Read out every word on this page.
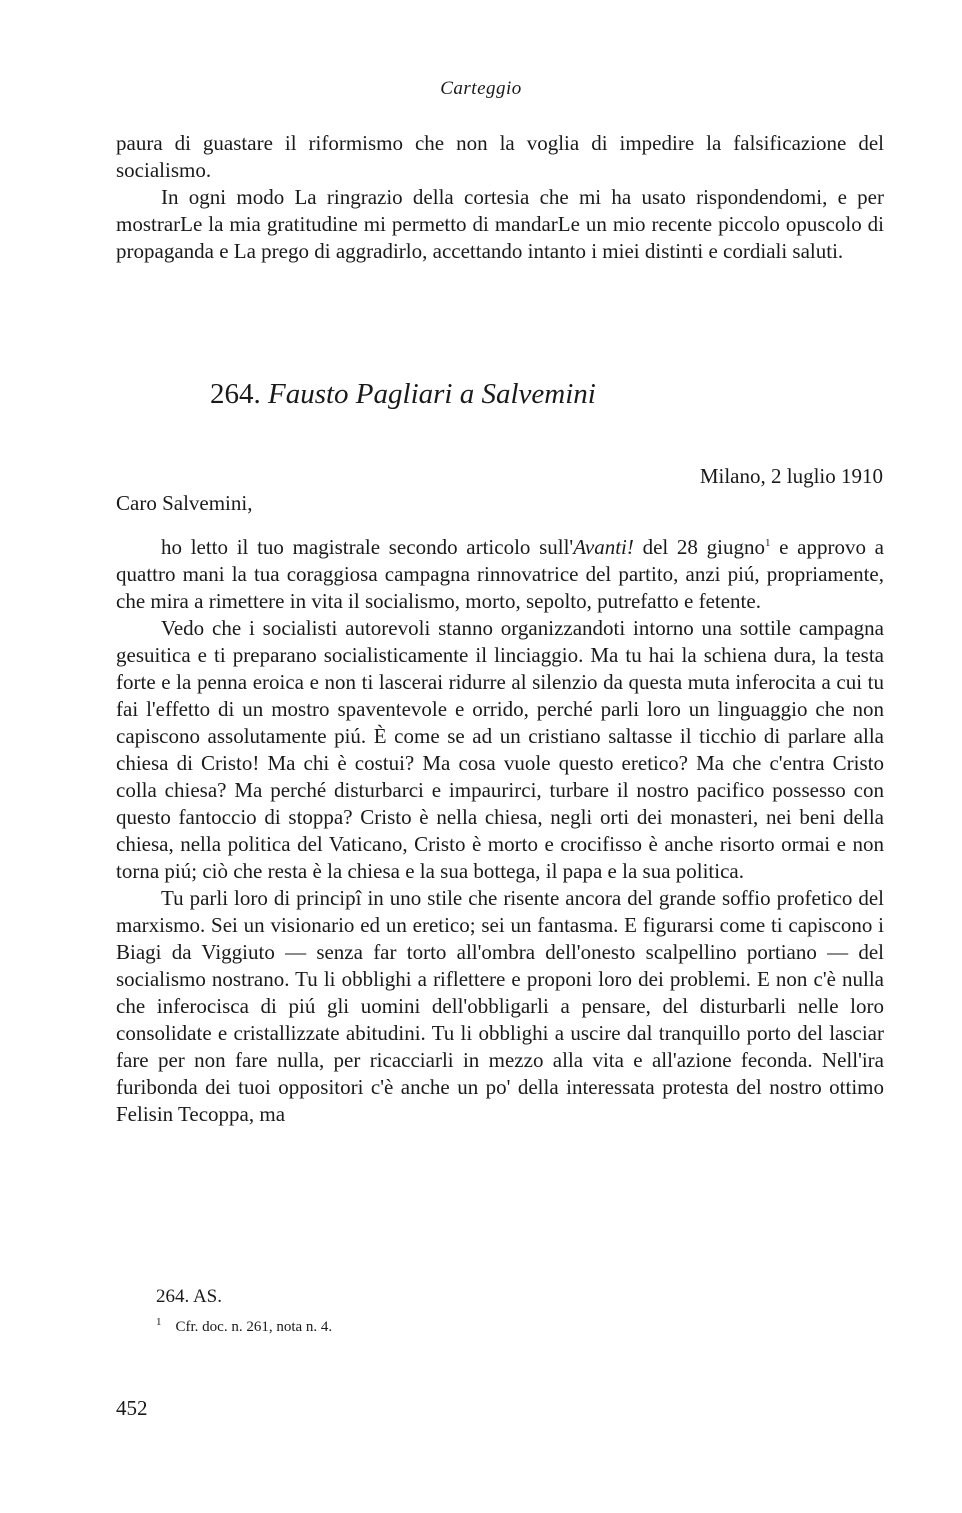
Carteggio

paura di guastare il riformismo che non la voglia di impedire la falsificazione del socialismo.

In ogni modo La ringrazio della cortesia che mi ha usato rispondendomi, e per mostrarLe la mia gratitudine mi permetto di mandarLe un mio recente piccolo opuscolo di propaganda e La prego di aggradirlo, accettando intanto i miei distinti e cordiali saluti.

264. Fausto Pagliari a Salvemini
Milano, 2 luglio 1910
Caro Salvemini,

ho letto il tuo magistrale secondo articolo sull'Avanti! del 28 giugno$^1$ e approvo a quattro mani la tua coraggiosa campagna rinnovatrice del partito, anzi piú, propriamente, che mira a rimettere in vita il socialismo, morto, sepolto, putrefatto e fetente.

Vedo che i socialisti autorevoli stanno organizzandoti intorno una sottile campagna gesuitica e ti preparano socialisticamente il linciaggio. Ma tu hai la schiena dura, la testa forte e la penna eroica e non ti lascerai ridurre al silenzio da questa muta inferocita a cui tu fai l'effetto di un mostro spaventevole e orrido, perché parli loro un linguaggio che non capiscono assolutamente piú. È come se ad un cristiano saltasse il ticchio di parlare alla chiesa di Cristo! Ma chi è costui? Ma cosa vuole questo eretico? Ma che c'entra Cristo colla chiesa? Ma perché disturbarci e impaurirci, turbare il nostro pacifico possesso con questo fantoccio di stoppa? Cristo è nella chiesa, negli orti dei monasteri, nei beni della chiesa, nella politica del Vaticano, Cristo è morto e crocifisso è anche risorto ormai e non torna piú; ciò che resta è la chiesa e la sua bottega, il papa e la sua politica.

Tu parli loro di principî in uno stile che risente ancora del grande soffio profetico del marxismo. Sei un visionario ed un eretico; sei un fantasma. E figurarsi come ti capiscono i Biagi da Viggiuto — senza far torto all'ombra dell'onesto scalpellino portiano — del socialismo nostrano. Tu li obblighi a riflettere e proponi loro dei problemi. E non c'è nulla che inferocisca di piú gli uomini dell'obbligarli a pensare, del disturbarli nelle loro consolidate e cristallizzate abitudini. Tu li obblighi a uscire dal tranquillo porto del lasciar fare per non fare nulla, per ricacciarli in mezzo alla vita e all'azione feconda. Nell'ira furibonda dei tuoi oppositori c'è anche un po' della interessata protesta del nostro ottimo Felisin Tecoppa, ma

264. AS.
$^1$ Cfr. doc. n. 261, nota n. 4.
452
